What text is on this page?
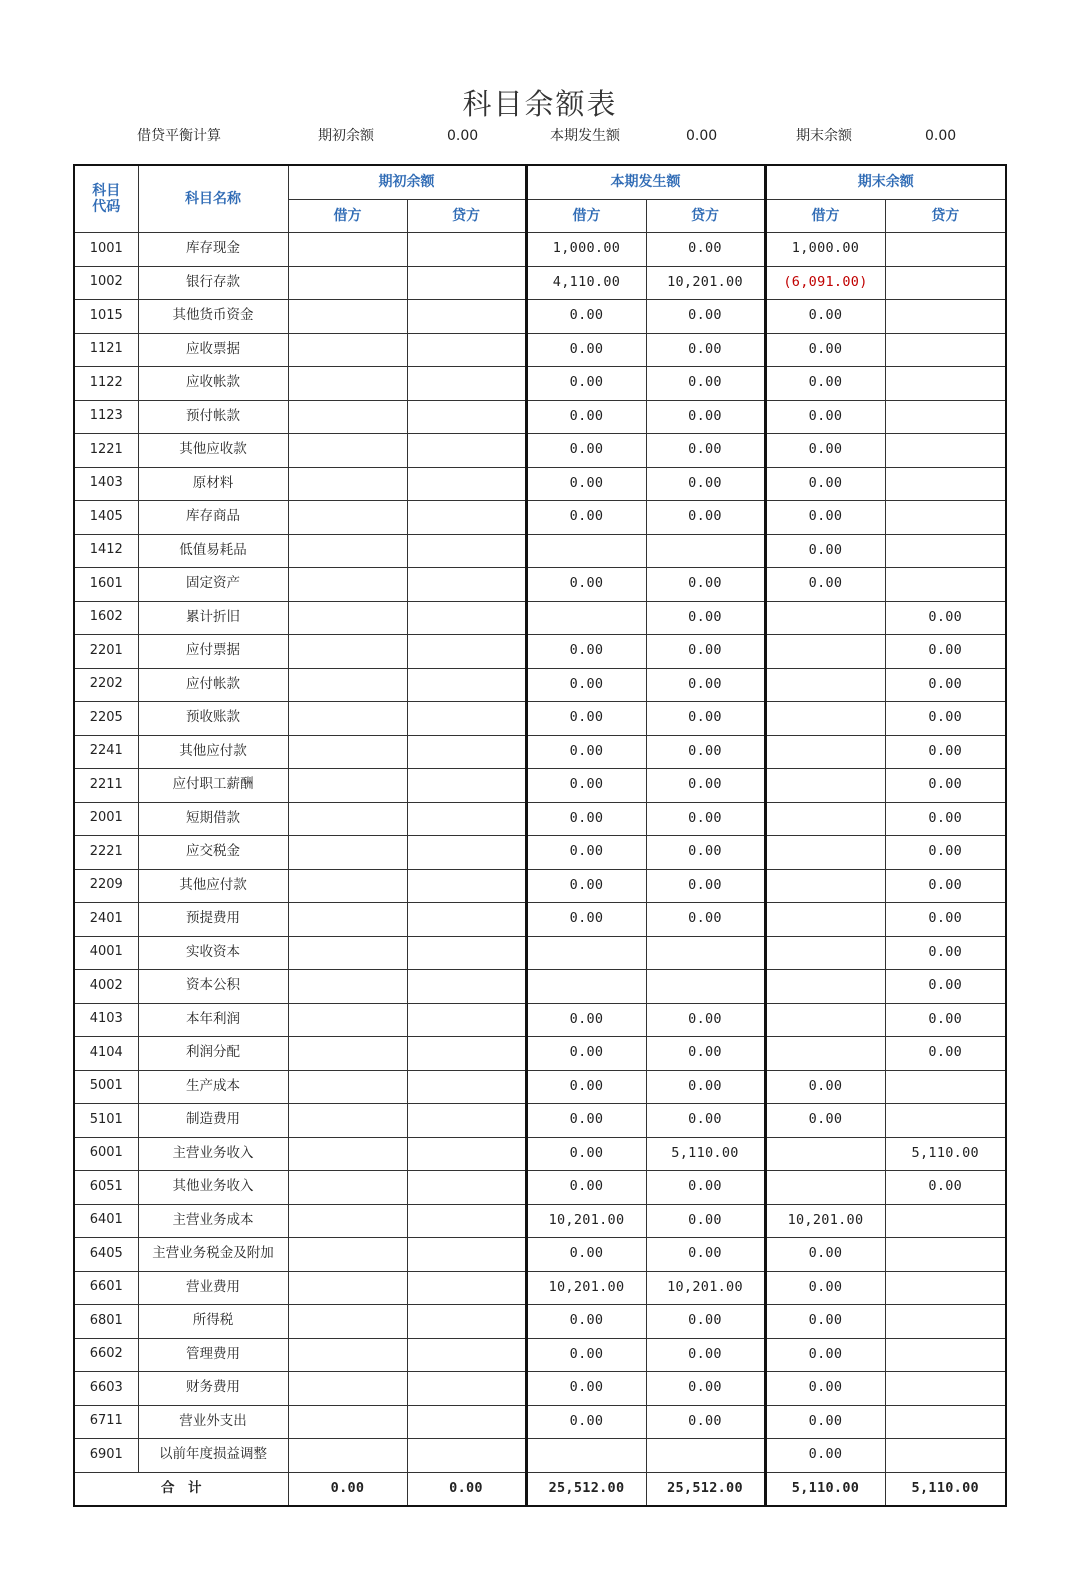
科目余额表
借贷平衡计算	期初余额	0.00	本期发生额	0.00	期末余额	0.00
科目代码	科目名称	期初余额		本期发生额		期末余额	
		借方	贷方	借方	贷方	借方	贷方
1001	库存现金			1,000.00	0.00	1,000.00	
1002	银行存款			4,110.00	10,201.00	(6,091.00)	
1015	其他货币资金			0.00	0.00	0.00	
1121	应收票据			0.00	0.00	0.00	
1122	应收帐款			0.00	0.00	0.00	
1123	预付帐款			0.00	0.00	0.00	
1221	其他应收款			0.00	0.00	0.00	
1403	原材料			0.00	0.00	0.00	
1405	库存商品			0.00	0.00	0.00	
1412	低值易耗品					0.00	
1601	固定资产			0.00	0.00	0.00	
1602	累计折旧				0.00		0.00
2201	应付票据			0.00	0.00		0.00
2202	应付帐款			0.00	0.00		0.00
2205	预收账款			0.00	0.00		0.00
2241	其他应付款			0.00	0.00		0.00
2211	应付职工薪酬			0.00	0.00		0.00
2001	短期借款			0.00	0.00		0.00
2221	应交税金			0.00	0.00		0.00
2209	其他应付款			0.00	0.00		0.00
2401	预提费用			0.00	0.00		0.00
4001	实收资本						0.00
4002	资本公积						0.00
4103	本年利润			0.00	0.00		0.00
4104	利润分配			0.00	0.00		0.00
5001	生产成本			0.00	0.00	0.00	
5101	制造费用			0.00	0.00	0.00	
6001	主营业务收入			0.00	5,110.00		5,110.00
6051	其他业务收入			0.00	0.00		0.00
6401	主营业务成本			10,201.00	0.00	10,201.00	
6405	主营业务税金及附加			0.00	0.00	0.00	
6601	营业费用			10,201.00	10,201.00	0.00	
6801	所得税			0.00	0.00	0.00	
6602	管理费用			0.00	0.00	0.00	
6603	财务费用			0.00	0.00	0.00	
6711	营业外支出			0.00	0.00	0.00	
6901	以前年度损益调整					0.00	
合　计		0.00	0.00	25,512.00	25,512.00	5,110.00	5,110.00
